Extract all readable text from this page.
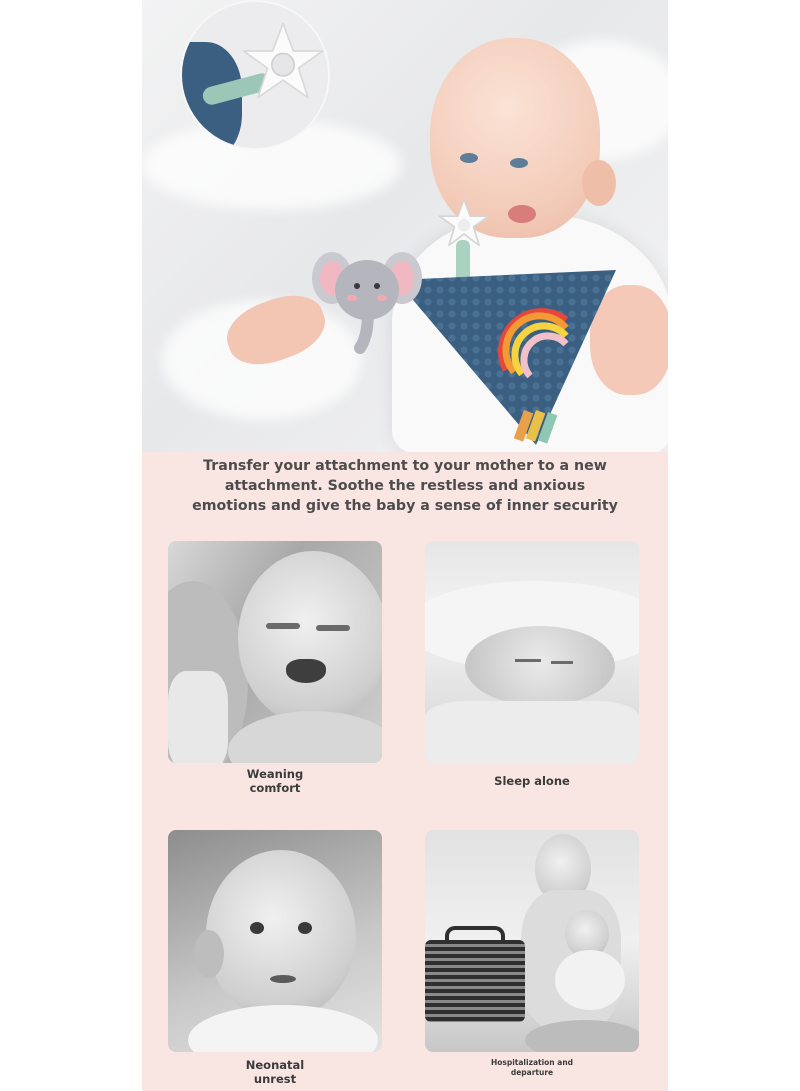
Transfer your attachment to your mother to a new

attachment. Soothe the restless and anxious

emotions and give the baby a sense of inner security

Weaning
comfort	Sleep alone
Neonatal
unrest
Hospitalization and
departure
